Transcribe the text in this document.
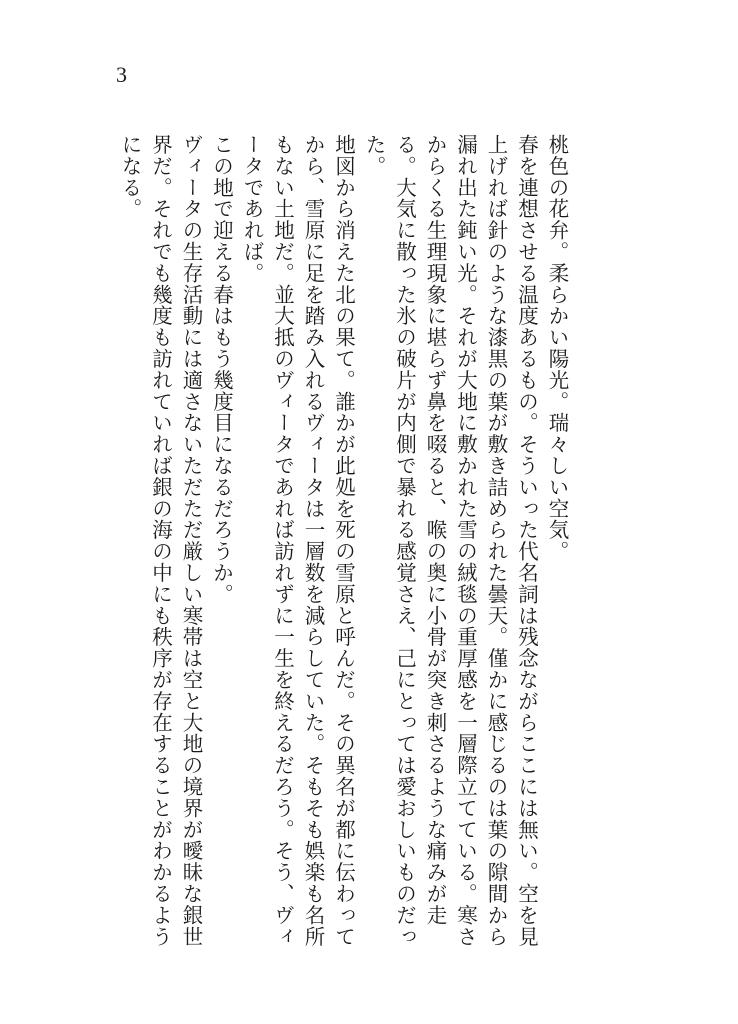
3

桃色の花弁。柔らかい陽光。瑞々しい空気。

春を連想させる温度あるもの。そういった代名詞は残念ながらここには無い。空を見上げれば針のような漆黒の葉が敷き詰められた曇天。僅かに感じるのは葉の隙間から漏れ出た鈍い光。それが大地に敷かれた雪の絨毯の重厚感を一層際立てている。寒さからくる生理現象に堪らず鼻を啜ると、喉の奥に小骨が突き刺さるような痛みが走る。大気に散った氷の破片が内側で暴れる感覚さえ、己にとっては愛おしいものだった。

地図から消えた北の果て。誰かが此処を死の雪原と呼んだ。その異名が都に伝わってから、雪原に足を踏み入れるヴィータは一層数を減らしていた。そもそも娯楽も名所もない土地だ。並大抵のヴィータであれば訪れずに一生を終えるだろう。そう、ヴィータであれば。

この地で迎える春はもう幾度目になるだろうか。

ヴィータの生存活動には適さないただただ厳しい寒帯は空と大地の境界が曖昧な銀世界だ。それでも幾度も訪れていれば銀の海の中にも秩序が存在することがわかるようになる。
